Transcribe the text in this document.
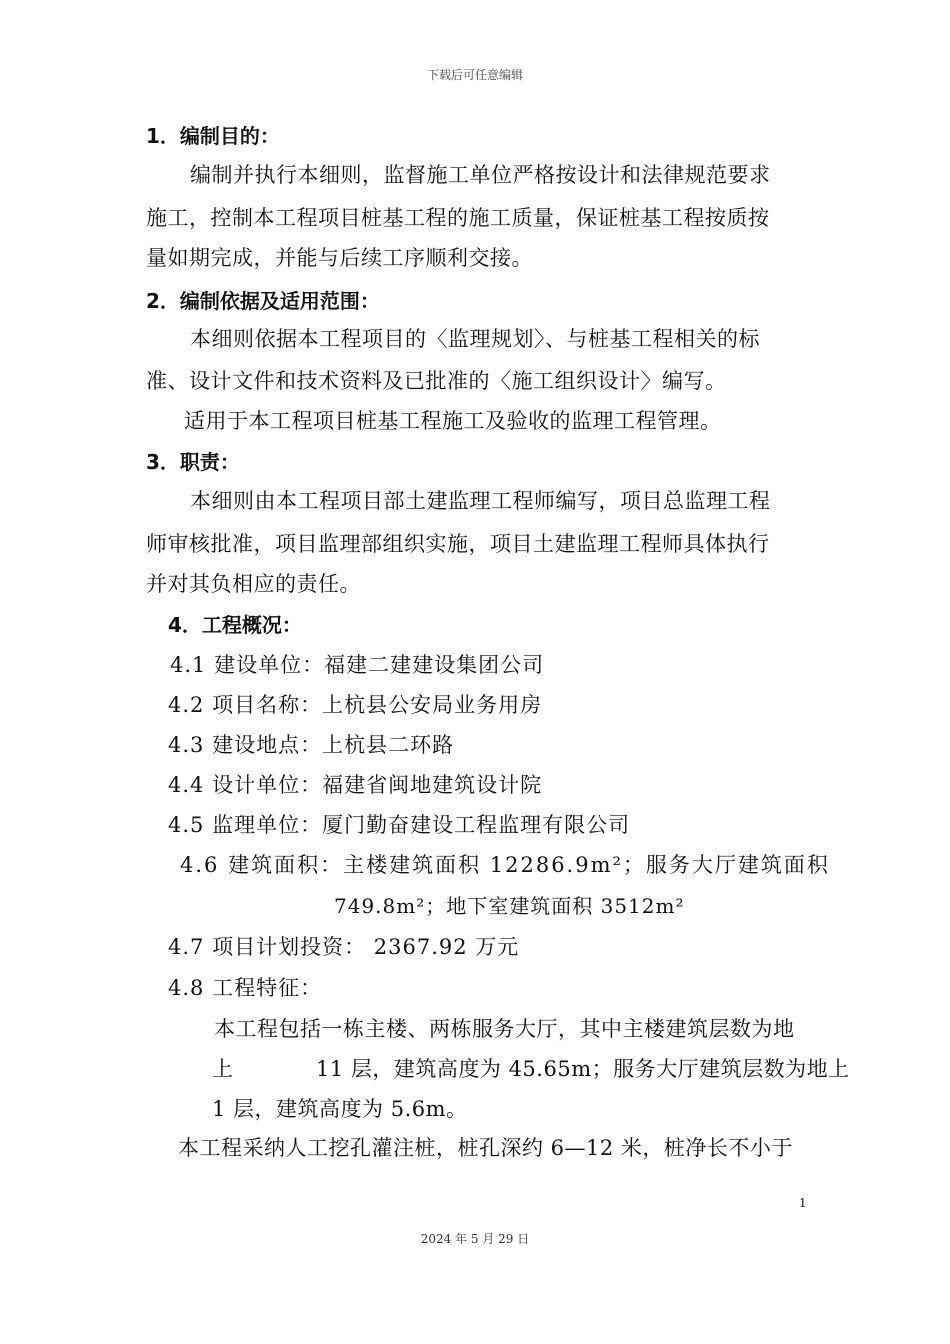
下载后可任意编辑
1．编制目的：
编制并执行本细则，监督施工单位严格按设计和法律规范要求
施工，控制本工程项目桩基工程的施工质量，保证桩基工程按质按
量如期完成，并能与后续工序顺利交接。
2．编制依据及适用范围：
本细则依据本工程项目的〈监理规划〉、与桩基工程相关的标
准、设计文件和技术资料及已批准的〈施工组织设计〉编写。
适用于本工程项目桩基工程施工及验收的监理工程管理。
3．职责：
本细则由本工程项目部土建监理工程师编写，项目总监理工程
师审核批准，项目监理部组织实施，项目土建监理工程师具体执行
并对其负相应的责任。
4．工程概况：
4.1 建设单位：福建二建建设集团公司
4.2 项目名称：上杭县公安局业务用房
4.3 建设地点：上杭县二环路
4.4 设计单位：福建省闽地建筑设计院
4.5 监理单位：厦门勤奋建设工程监理有限公司
4.6 建筑面积：主楼建筑面积 12286.9m²；服务大厅建筑面积
749.8m²；地下室建筑面积 3512m²
4.7 项目计划投资： 2367.92 万元
4.8 工程特征：
本工程包括一栋主楼、两栋服务大厅，其中主楼建筑层数为地
上	11 层，建筑高度为 45.65m；服务大厅建筑层数为地上
1 层，建筑高度为 5.6m。
本工程采纳人工挖孔灌注桩，桩孔深约 6—12 米，桩净长不小于
1
2024 年 5 月 29 日
